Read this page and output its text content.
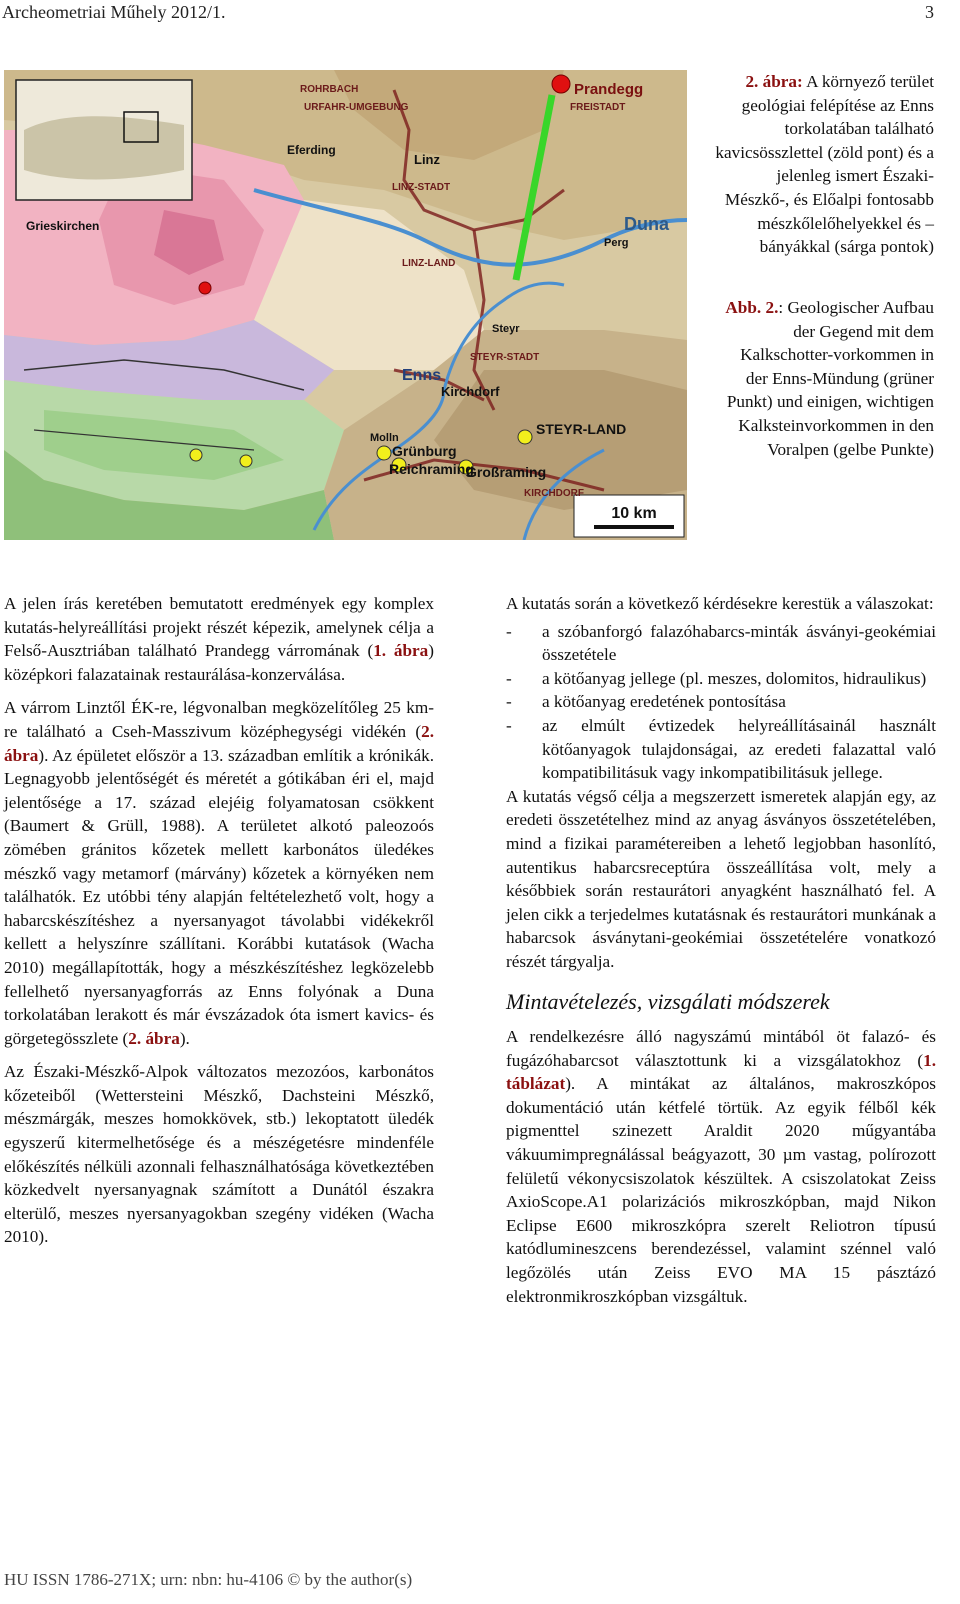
Archeometriai Műhely 2012/1.	3
10 km
Prandegg
FREISTADT
ROHRBACH
URFAHR-UMGEBUNG
Eferding
Linz
LINZ-STADT
Grieskirchen
Perg
Duna
LINZ-LAND
Steyr
STEYR-STADT
Enns
Kirchdorf
Molln
Grünburg
Reichraming
Großraming
STEYR-LAND
KIRCHDORF
2. ábra: A környező terület geológiai felépítése az Enns torkolatában található kavicsösszlettel (zöld pont) és a jelenleg ismert Északi-Mészkő-, és Előalpi fontosabb mészkőlelőhelyekkel és – bányákkal (sárga pontok)
Abb. 2.: Geologischer Aufbau der Gegend mit dem Kalkschotter-vorkommen in der Enns-Mündung (grüner Punkt) und einigen, wichtigen Kalksteinvorkommen in den Voralpen (gelbe Punkte)

A jelen írás keretében bemutatott eredmények egy komplex kutatás-helyreállítási projekt részét képezik, amelynek célja a Felső-Ausztriában található Prandegg várromának (1. ábra) középkori falazatainak restaurálása-konzerválása.

A várrom Linztől ÉK-re, légvonalban megközelítőleg 25 km-re található a Cseh-Masszivum középhegységi vidékén (2. ábra). Az épületet először a 13. században említik a krónikák. Legnagyobb jelentőségét és méretét a gótikában éri el, majd jelentősége a 17. század elejéig folyamatosan csökkent (Baumert & Grüll, 1988). A területet alkotó paleozoós zömében gránitos kőzetek mellett karbonátos üledékes mészkő vagy metamorf (márvány) kőzetek a környéken nem találhatók. Ez utóbbi tény alapján feltételezhető volt, hogy a habarcskészítéshez a nyersanyagot távolabbi vidékekről kellett a helyszínre szállítani. Korábbi kutatások (Wacha 2010) megállapították, hogy a mészkészítéshez legközelebb fellelhető nyersanyagforrás az Enns folyónak a Duna torkolatában lerakott és már évszázadok óta ismert kavics- és görgetegösszlete (2. ábra).

Az Északi-Mészkő-Alpok változatos mezozóos, karbonátos kőzeteiből (Wettersteini Mészkő, Dachsteini Mészkő, mészmárgák, meszes homokkövek, stb.) lekoptatott üledék egyszerű kitermelhetősége és a mészégetésre mindenféle előkészítés nélküli azonnali felhasználhatósága következtében közkedvelt nyersanyagnak számított a Dunától északra elterülő, meszes nyersanyagokban szegény vidéken (Wacha 2010).

A kutatás során a következő kérdésekre kerestük a válaszokat:

- a szóbanforgó falazóhabarcs-minták ásványi-geokémiai összetétele
- a kötőanyag jellege (pl. meszes, dolomitos, hidraulikus)
- a kötőanyag eredetének pontosítása
- az elmúlt évtizedek helyreállításainál használt kötőanyagok tulajdonságai, az eredeti falazattal való kompatibilitásuk vagy inkompatibilitásuk jellege.

A kutatás végső célja a megszerzett ismeretek alapján egy, az eredeti összetételhez mind az anyag ásványos összetételében, mind a fizikai paramétereiben a lehető legjobban hasonlító, autentikus habarcsreceptúra összeállítása volt, mely a későbbiek során restaurátori anyagként használható fel. A jelen cikk a terjedelmes kutatásnak és restaurátori munkának a habarcsok ásványtani-geokémiai összetételére vonatkozó részét tárgyalja.

Mintavételezés, vizsgálati módszerek

A rendelkezésre álló nagyszámú mintából öt falazó- és fugázóhabarcsot választottunk ki a vizsgálatokhoz (1. táblázat). A mintákat az általános, makroszkópos dokumentáció után kétfelé törtük. Az egyik félből kék pigmenttel szinezett Araldit 2020 műgyantába vákuumimpregnálással beágyazott, 30 µm vastag, polírozott felületű vékonycsiszolatok készültek. A csiszolatokat Zeiss AxioScope.A1 polarizációs mikroszkópban, majd Nikon Eclipse E600 mikroszkópra szerelt Reliotron típusú katódlumineszcens berendezéssel, valamint szénnel való legőzölés után Zeiss EVO MA 15 pásztázó elektronmikroszkópban vizsgáltuk.

HU ISSN 1786-271X; urn: nbn: hu-4106 © by the author(s)
